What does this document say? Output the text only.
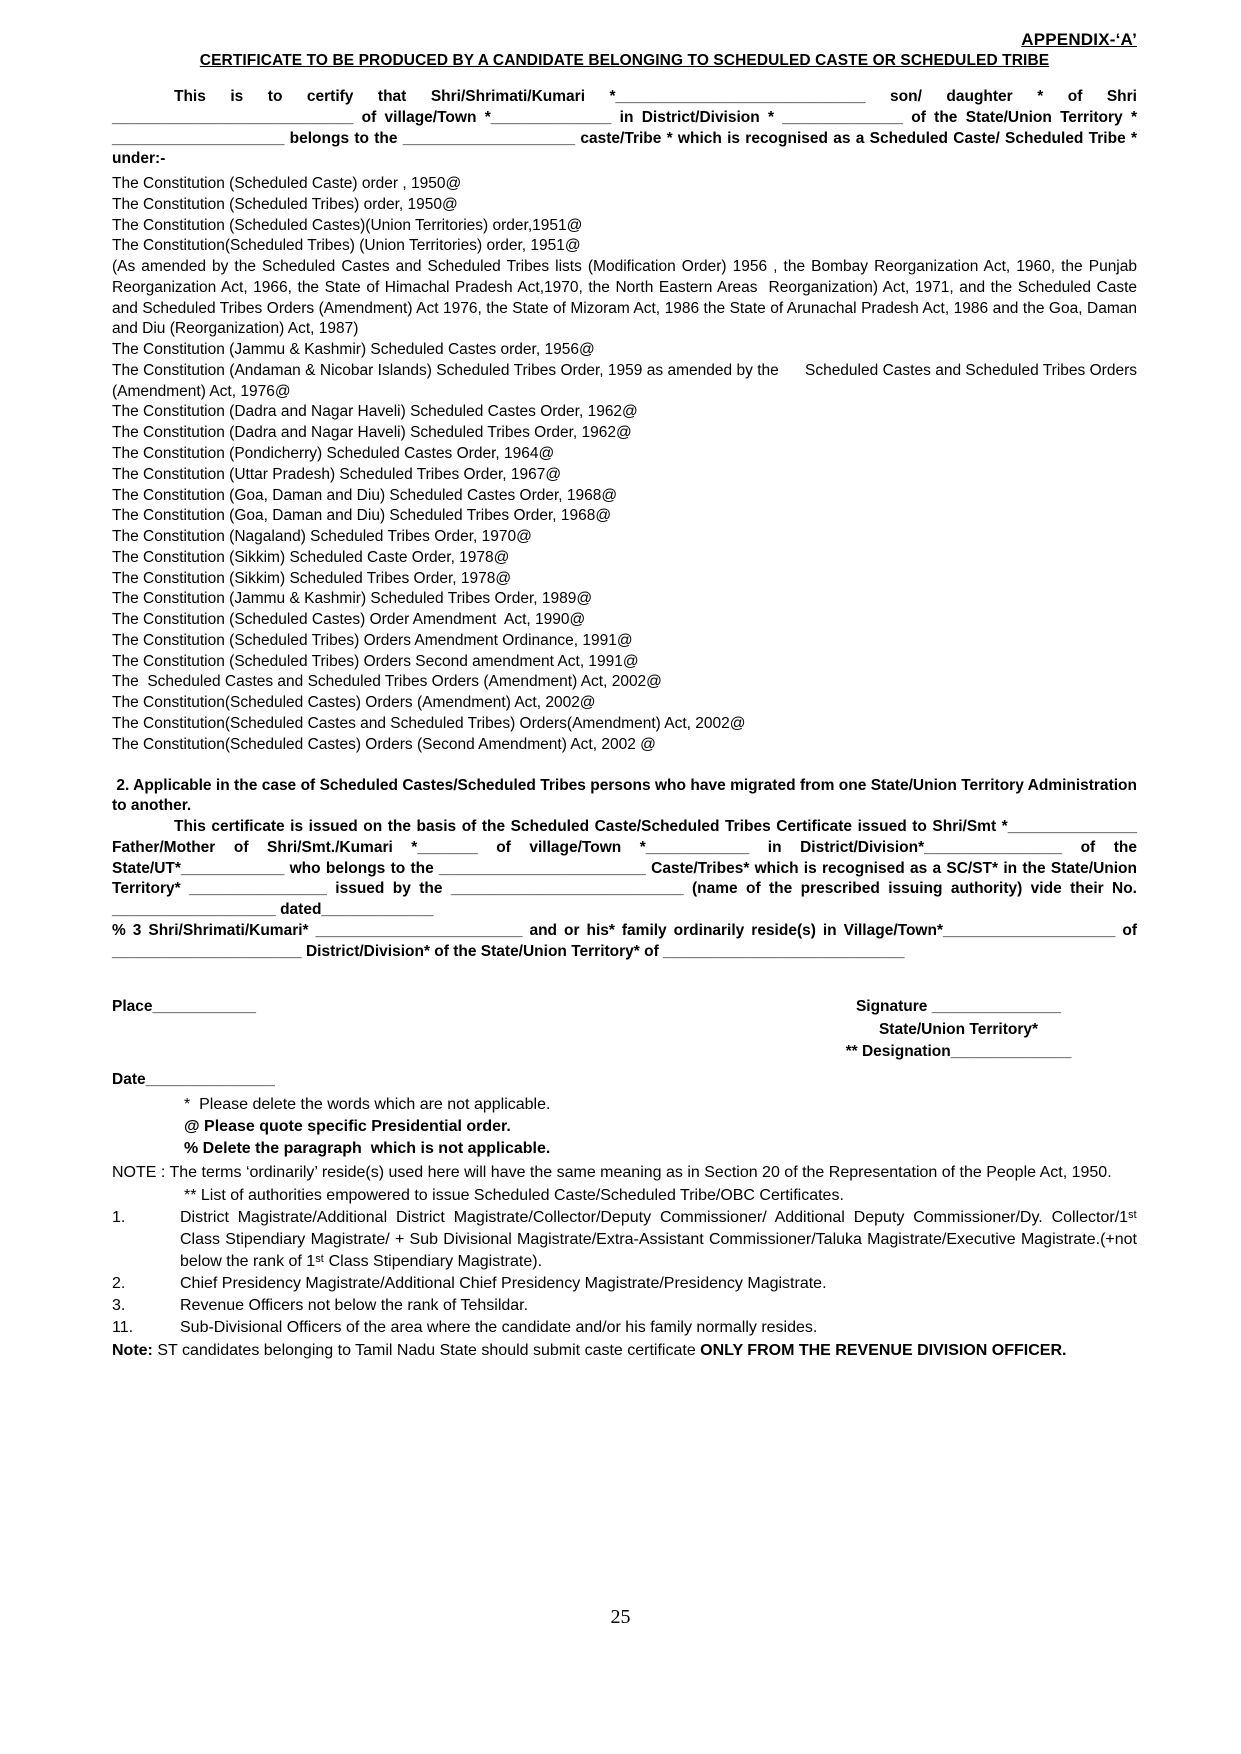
APPENDIX-‘A’
CERTIFICATE TO BE PRODUCED BY A CANDIDATE BELONGING TO SCHEDULED CASTE OR SCHEDULED TRIBE
This is to certify that Shri/Shrimati/Kumari *_____________________________ son/ daughter * of Shri ____________________________ of village/Town *______________ in District/Division * ______________ of the State/Union Territory * ____________________ belongs to the ____________________ caste/Tribe * which is recognised as a Scheduled Caste/ Scheduled Tribe * under:-
The Constitution (Scheduled Caste) order , 1950@
The Constitution (Scheduled Tribes) order, 1950@
The Constitution (Scheduled Castes)(Union Territories) order,1951@
The Constitution(Scheduled Tribes) (Union Territories) order, 1951@
(As amended by the Scheduled Castes and Scheduled Tribes lists (Modification Order) 1956 , the Bombay Reorganization Act, 1960, the Punjab Reorganization Act, 1966, the State of Himachal Pradesh Act,1970, the North Eastern Areas  Reorganization) Act, 1971, and the Scheduled Caste and Scheduled Tribes Orders (Amendment) Act 1976, the State of Mizoram Act, 1986 the State of Arunachal Pradesh Act, 1986 and the Goa, Daman and Diu (Reorganization) Act, 1987)
The Constitution (Jammu & Kashmir) Scheduled Castes order, 1956@
The Constitution (Andaman & Nicobar Islands) Scheduled Tribes Order, 1959 as amended by the      Scheduled Castes and Scheduled Tribes Orders (Amendment) Act, 1976@
The Constitution (Dadra and Nagar Haveli) Scheduled Castes Order, 1962@
The Constitution (Dadra and Nagar Haveli) Scheduled Tribes Order, 1962@
The Constitution (Pondicherry) Scheduled Castes Order, 1964@
The Constitution (Uttar Pradesh) Scheduled Tribes Order, 1967@
The Constitution (Goa, Daman and Diu) Scheduled Castes Order, 1968@
The Constitution (Goa, Daman and Diu) Scheduled Tribes Order, 1968@
The Constitution (Nagaland) Scheduled Tribes Order, 1970@
The Constitution (Sikkim) Scheduled Caste Order, 1978@
The Constitution (Sikkim) Scheduled Tribes Order, 1978@
The Constitution (Jammu & Kashmir) Scheduled Tribes Order, 1989@
The Constitution (Scheduled Castes) Order Amendment  Act, 1990@
The Constitution (Scheduled Tribes) Orders Amendment Ordinance, 1991@
The Constitution (Scheduled Tribes) Orders Second amendment Act, 1991@
The  Scheduled Castes and Scheduled Tribes Orders (Amendment) Act, 2002@
The Constitution(Scheduled Castes) Orders (Amendment) Act, 2002@
The Constitution(Scheduled Castes and Scheduled Tribes) Orders(Amendment) Act, 2002@
The Constitution(Scheduled Castes) Orders (Second Amendment) Act, 2002 @
2. Applicable in the case of Scheduled Castes/Scheduled Tribes persons who have migrated from one State/Union Territory Administration to another.
This certificate is issued on the basis of the Scheduled Caste/Scheduled Tribes Certificate issued to Shri/Smt *_______________ Father/Mother of Shri/Smt./Kumari *_______ of village/Town *____________ in District/Division*________________ of the State/UT*____________ who belongs to the ________________________ Caste/Tribes* which is recognised as a SC/ST* in the State/Union Territory* ________________ issued by the ___________________________ (name of the prescribed issuing authority) vide their No. ___________________ dated_____________
% 3 Shri/Shrimati/Kumari* ________________________ and or his* family ordinarily reside(s) in Village/Town*____________________ of ______________________ District/Division* of the State/Union Territory* of ____________________________
Place____________
Date_______________
Signature _______________
State/Union Territory*
** Designation______________
*  Please delete the words which are not applicable.
@ Please quote specific Presidential order.
% Delete the paragraph  which is not applicable.
NOTE : The terms ‘ordinarily’ reside(s) used here will have the same meaning as in Section 20 of the Representation of the People Act, 1950.
** List of authorities empowered to issue Scheduled Caste/Scheduled Tribe/OBC Certificates.
1.	District Magistrate/Additional District Magistrate/Collector/Deputy Commissioner/ Additional Deputy Commissioner/Dy. Collector/1ˢᵗ Class Stipendiary Magistrate/ + Sub Divisional Magistrate/Extra-Assistant Commissioner/Taluka Magistrate/Executive Magistrate.(+not below the rank of 1ˢᵗ Class Stipendiary Magistrate).
2.	Chief Presidency Magistrate/Additional Chief Presidency Magistrate/Presidency Magistrate.
3.	Revenue Officers not below the rank of Tehsildar.
11.	Sub-Divisional Officers of the area where the candidate and/or his family normally resides.
Note: ST candidates belonging to Tamil Nadu State should submit caste certificate ONLY FROM THE REVENUE DIVISION OFFICER.
25
